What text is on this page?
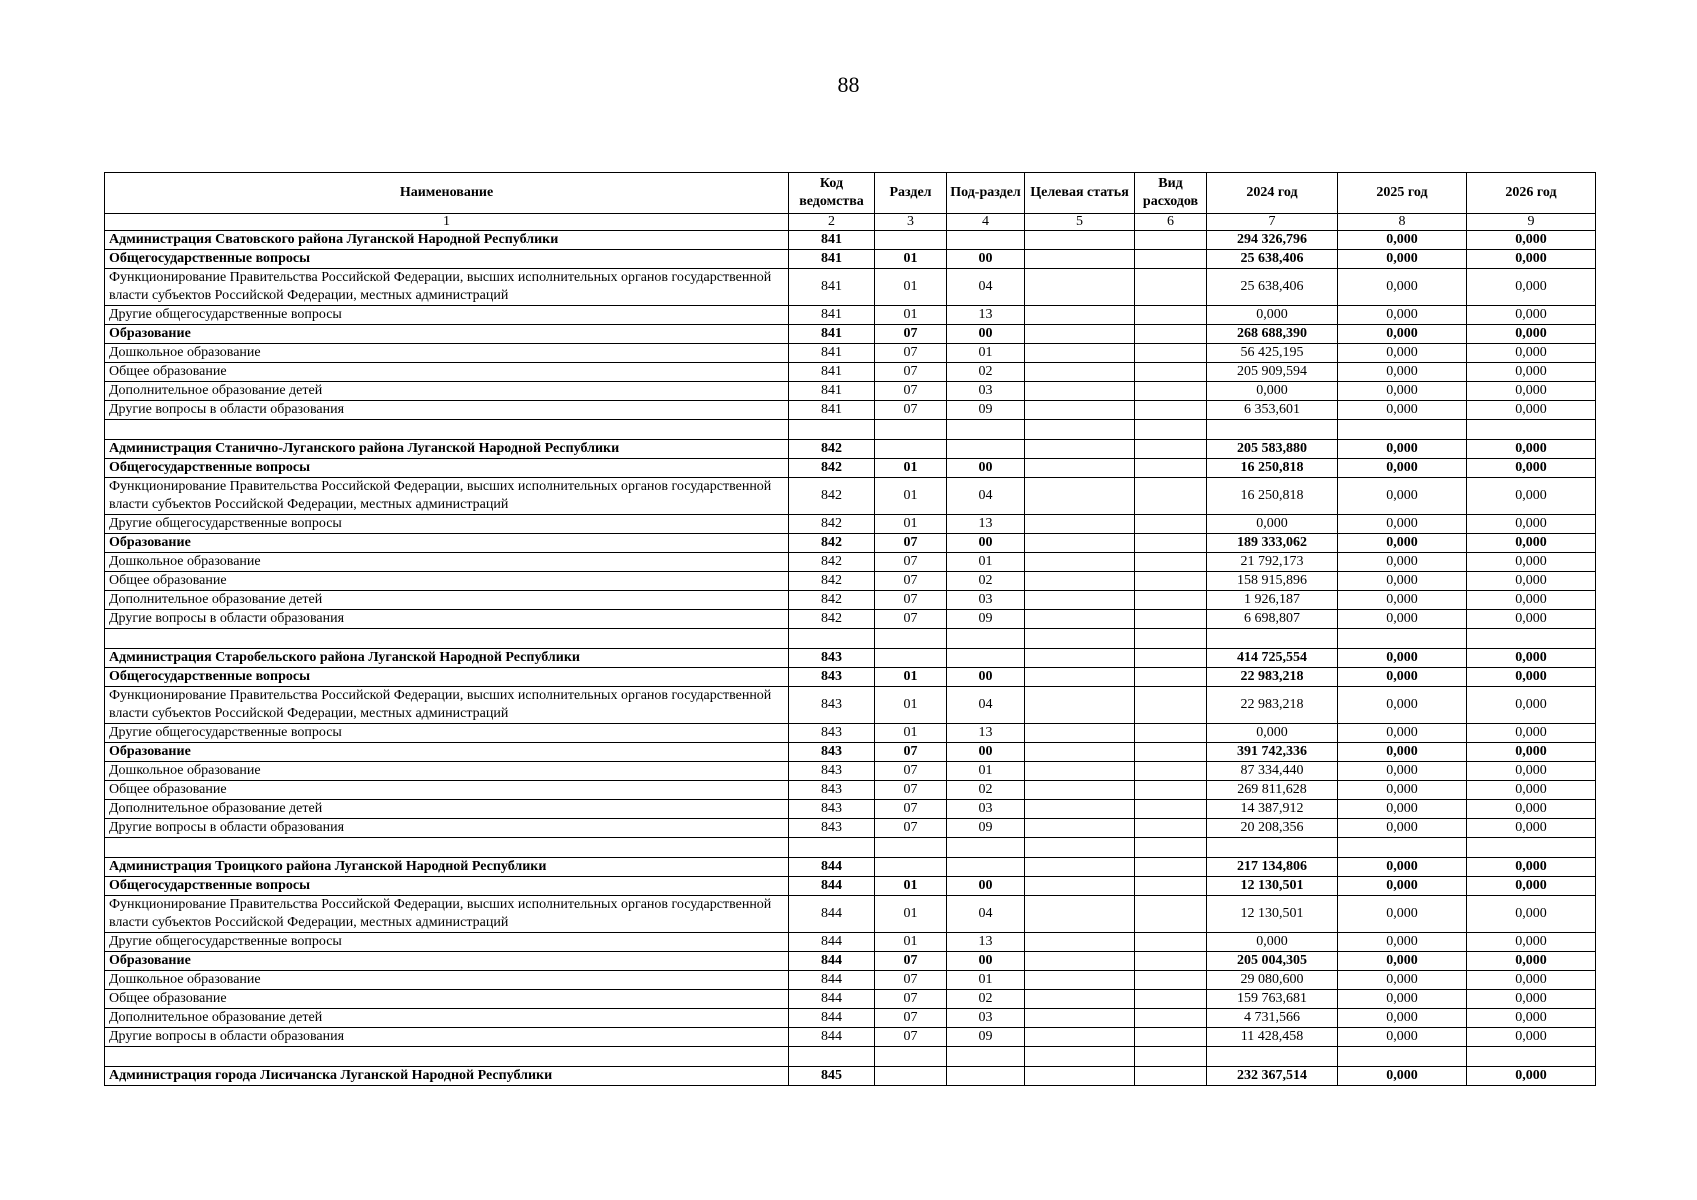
88
Наименование	Код ведомства	Раздел	Под-раздел	Целевая статья	Вид расходов	2024 год	2025 год	2026 год
1	2	3	4	5	6	7	8	9
Администрация Сватовского района Луганской Народной Республики	841					294 326,796	0,000	0,000
Общегосударственные вопросы	841	01	00			25 638,406	0,000	0,000
Функционирование Правительства Российской Федерации, высших исполнительных органов государственной власти субъектов Российской Федерации, местных администраций	841	01	04			25 638,406	0,000	0,000
Другие общегосударственные вопросы	841	01	13			0,000	0,000	0,000
Образование	841	07	00			268 688,390	0,000	0,000
Дошкольное образование	841	07	01			56 425,195	0,000	0,000
Общее образование	841	07	02			205 909,594	0,000	0,000
Дополнительное образование детей	841	07	03			0,000	0,000	0,000
Другие вопросы в области образования	841	07	09			6 353,601	0,000	0,000

Администрация Станично-Луганского района Луганской Народной Республики	842					205 583,880	0,000	0,000
Общегосударственные вопросы	842	01	00			16 250,818	0,000	0,000
Функционирование Правительства Российской Федерации, высших исполнительных органов государственной власти субъектов Российской Федерации, местных администраций	842	01	04			16 250,818	0,000	0,000
Другие общегосударственные вопросы	842	01	13			0,000	0,000	0,000
Образование	842	07	00			189 333,062	0,000	0,000
Дошкольное образование	842	07	01			21 792,173	0,000	0,000
Общее образование	842	07	02			158 915,896	0,000	0,000
Дополнительное образование детей	842	07	03			1 926,187	0,000	0,000
Другие вопросы в области образования	842	07	09			6 698,807	0,000	0,000

Администрация Старобельского района Луганской Народной Республики	843					414 725,554	0,000	0,000
Общегосударственные вопросы	843	01	00			22 983,218	0,000	0,000
Функционирование Правительства Российской Федерации, высших исполнительных органов государственной власти субъектов Российской Федерации, местных администраций	843	01	04			22 983,218	0,000	0,000
Другие общегосударственные вопросы	843	01	13			0,000	0,000	0,000
Образование	843	07	00			391 742,336	0,000	0,000
Дошкольное образование	843	07	01			87 334,440	0,000	0,000
Общее образование	843	07	02			269 811,628	0,000	0,000
Дополнительное образование детей	843	07	03			14 387,912	0,000	0,000
Другие вопросы в области образования	843	07	09			20 208,356	0,000	0,000

Администрация Троицкого района Луганской Народной Республики	844					217 134,806	0,000	0,000
Общегосударственные вопросы	844	01	00			12 130,501	0,000	0,000
Функционирование Правительства Российской Федерации, высших исполнительных органов государственной власти субъектов Российской Федерации, местных администраций	844	01	04			12 130,501	0,000	0,000
Другие общегосударственные вопросы	844	01	13			0,000	0,000	0,000
Образование	844	07	00			205 004,305	0,000	0,000
Дошкольное образование	844	07	01			29 080,600	0,000	0,000
Общее образование	844	07	02			159 763,681	0,000	0,000
Дополнительное образование детей	844	07	03			4 731,566	0,000	0,000
Другие вопросы в области образования	844	07	09			11 428,458	0,000	0,000

Администрация города Лисичанска Луганской Народной Республики	845					232 367,514	0,000	0,000
